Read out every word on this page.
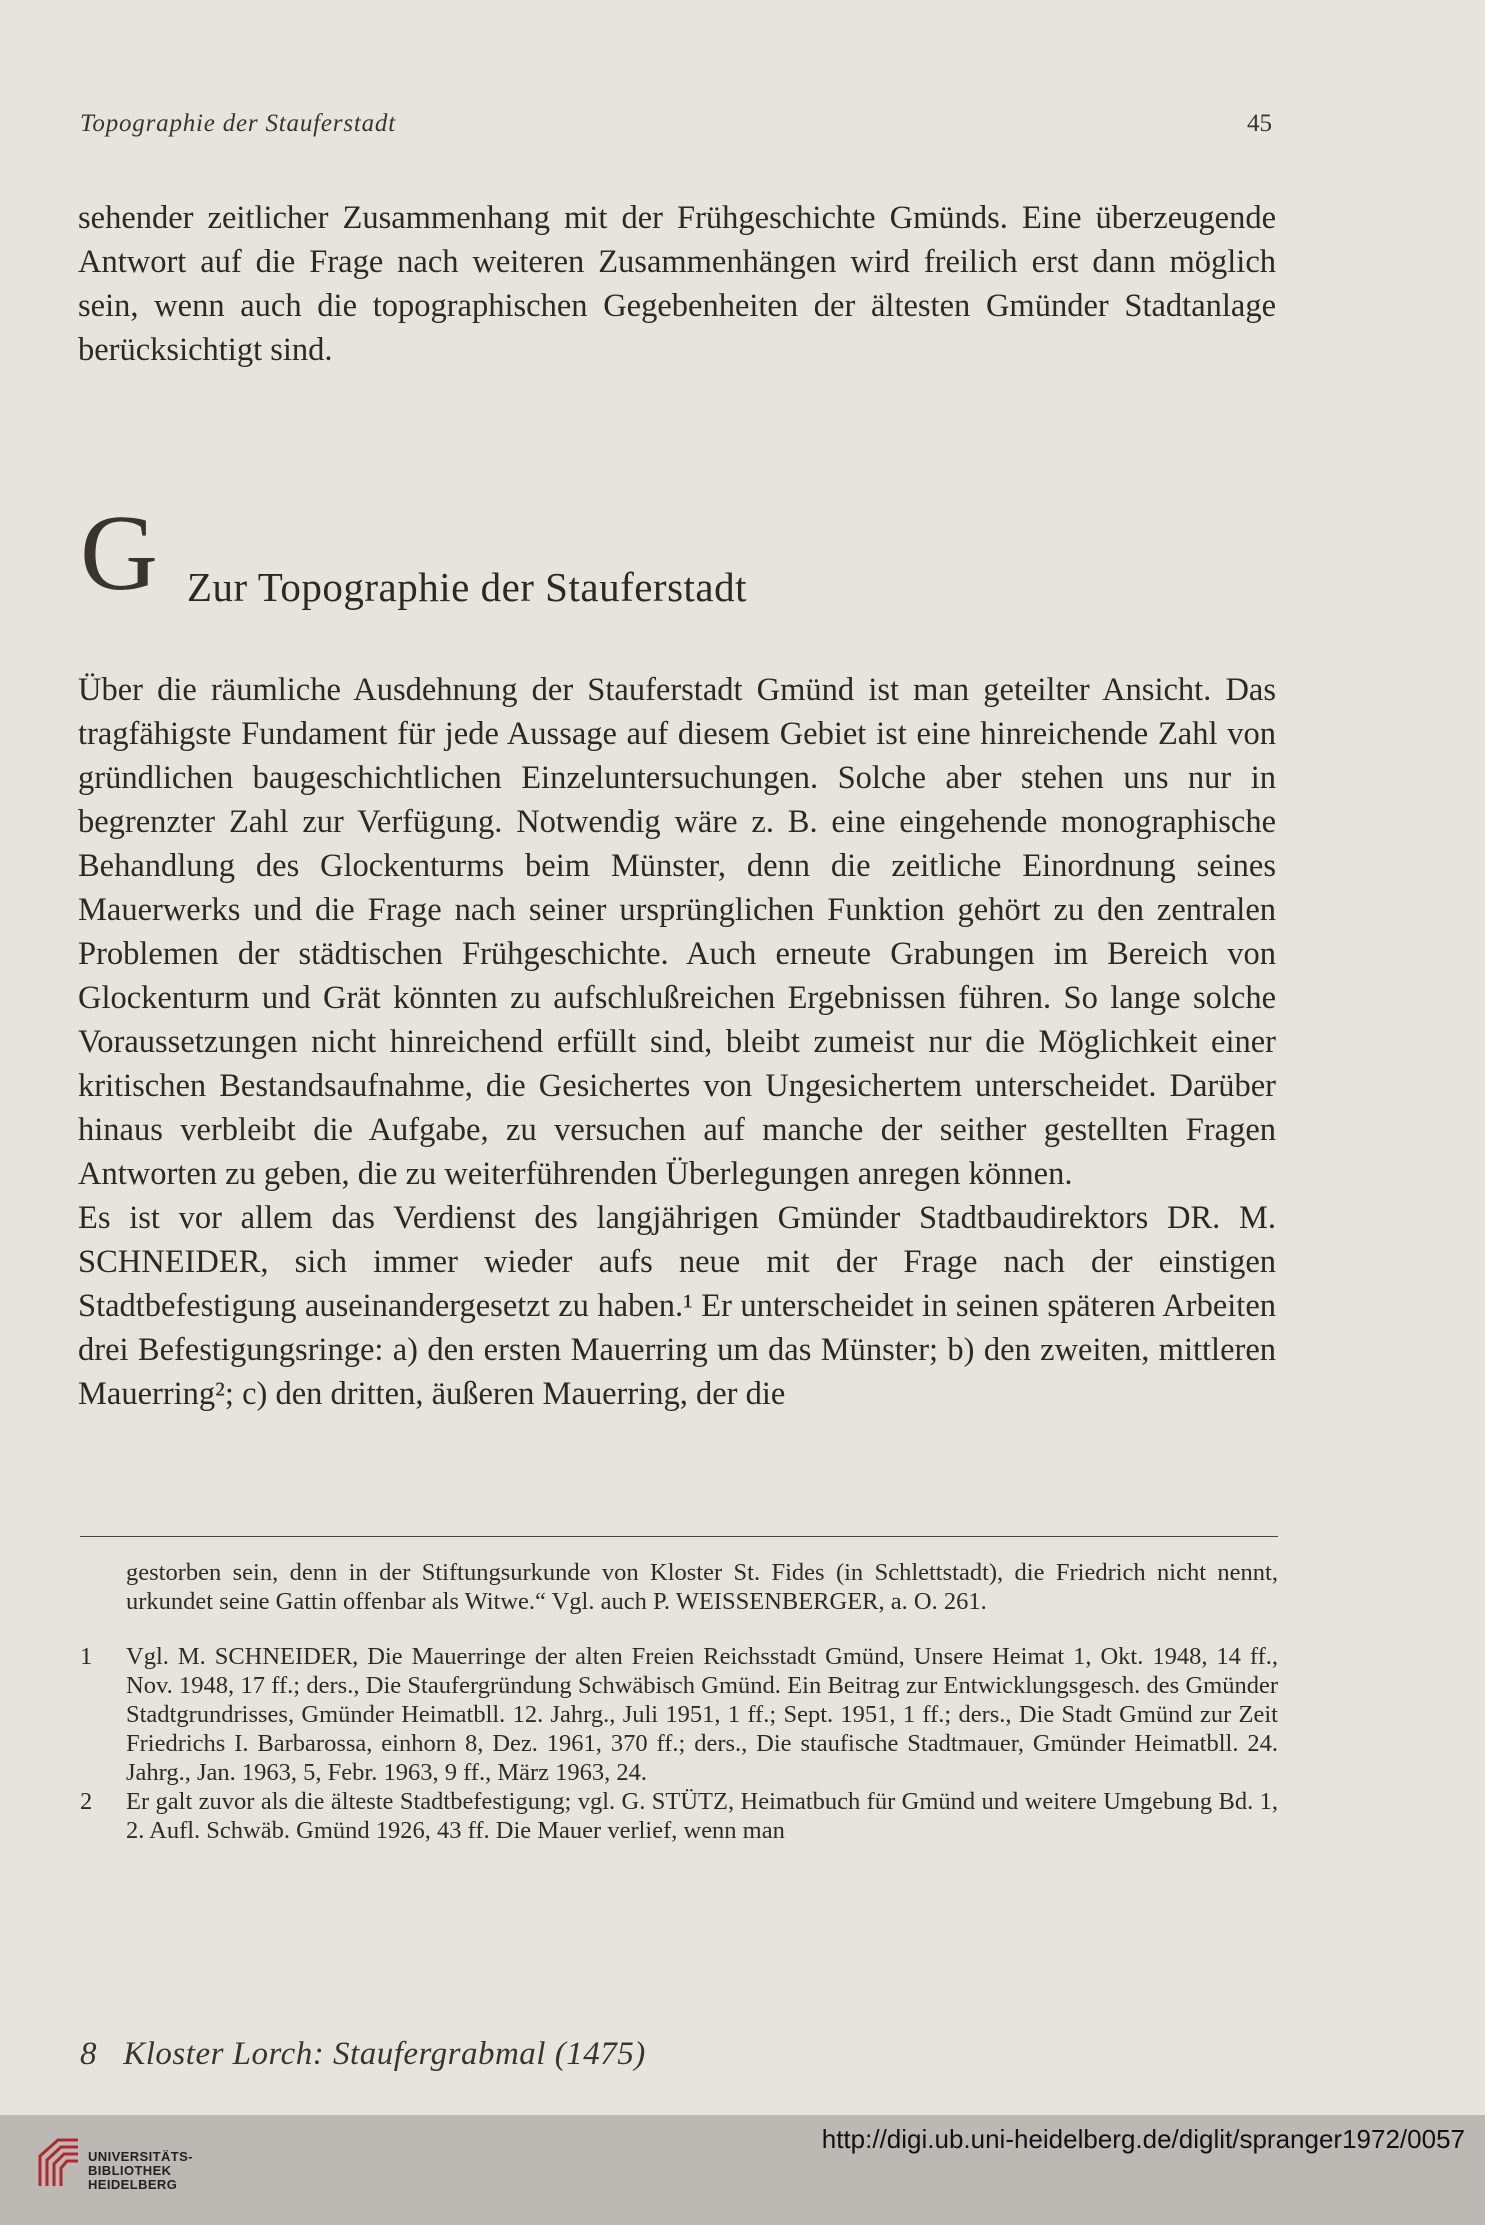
Topographie der Stauferstadt	45

sehender zeitlicher Zusammenhang mit der Frühgeschichte Gmünds. Eine überzeugende Antwort auf die Frage nach weiteren Zusammenhängen wird freilich erst dann möglich sein, wenn auch die topographischen Gegebenheiten der ältesten Gmünder Stadtanlage berücksichtigt sind.

G Zur Topographie der Stauferstadt

Über die räumliche Ausdehnung der Stauferstadt Gmünd ist man geteilter Ansicht. Das tragfähigste Fundament für jede Aussage auf diesem Gebiet ist eine hinreichende Zahl von gründlichen baugeschichtlichen Einzeluntersuchungen. Solche aber stehen uns nur in begrenzter Zahl zur Verfügung. Notwendig wäre z. B. eine eingehende monographische Behandlung des Glockenturms beim Münster, denn die zeitliche Einordnung seines Mauerwerks und die Frage nach seiner ursprünglichen Funktion gehört zu den zentralen Problemen der städtischen Frühgeschichte. Auch erneute Grabungen im Bereich von Glockenturm und Grät könnten zu aufschlußreichen Ergebnissen führen. So lange solche Voraussetzungen nicht hinreichend erfüllt sind, bleibt zumeist nur die Möglichkeit einer kritischen Bestandsaufnahme, die Gesichertes von Ungesichertem unterscheidet. Darüber hinaus verbleibt die Aufgabe, zu versuchen auf manche der seither gestellten Fragen Antworten zu geben, die zu weiterführenden Überlegungen anregen können.

Es ist vor allem das Verdienst des langjährigen Gmünder Stadtbaudirektors DR. M. SCHNEIDER, sich immer wieder aufs neue mit der Frage nach der einstigen Stadtbefestigung auseinandergesetzt zu haben.¹ Er unterscheidet in seinen späteren Arbeiten drei Befestigungsringe: a) den ersten Mauerring um das Münster; b) den zweiten, mittleren Mauerring²; c) den dritten, äußeren Mauerring, der die

gestorben sein, denn in der Stiftungsurkunde von Kloster St. Fides (in Schlettstadt), die Friedrich nicht nennt, urkundet seine Gattin offenbar als Witwe.“ Vgl. auch P. WEISSENBERGER, a. O. 261.

1	Vgl. M. SCHNEIDER, Die Mauerringe der alten Freien Reichsstadt Gmünd, Unsere Heimat 1, Okt. 1948, 14 ff., Nov. 1948, 17 ff.; ders., Die Staufergründung Schwäbisch Gmünd. Ein Beitrag zur Entwicklungsgesch. des Gmünder Stadtgrundrisses, Gmünder Heimatbll. 12. Jahrg., Juli 1951, 1 ff.; Sept. 1951, 1 ff.; ders., Die Stadt Gmünd zur Zeit Friedrichs I. Barbarossa, einhorn 8, Dez. 1961, 370 ff.; ders., Die staufische Stadtmauer, Gmünder Heimatbll. 24. Jahrg., Jan. 1963, 5, Febr. 1963, 9 ff., März 1963, 24.

2	Er galt zuvor als die älteste Stadtbefestigung; vgl. G. STÜTZ, Heimatbuch für Gmünd und weitere Umgebung Bd. 1, 2. Aufl. Schwäb. Gmünd 1926, 43 ff. Die Mauer verlief, wenn man

8   Kloster Lorch: Staufergrabmal (1475)
UNIVERSITÄTS-
BIBLIOTHEK
HEIDELBERG
http://digi.ub.uni-heidelberg.de/diglit/spranger1972/0057
